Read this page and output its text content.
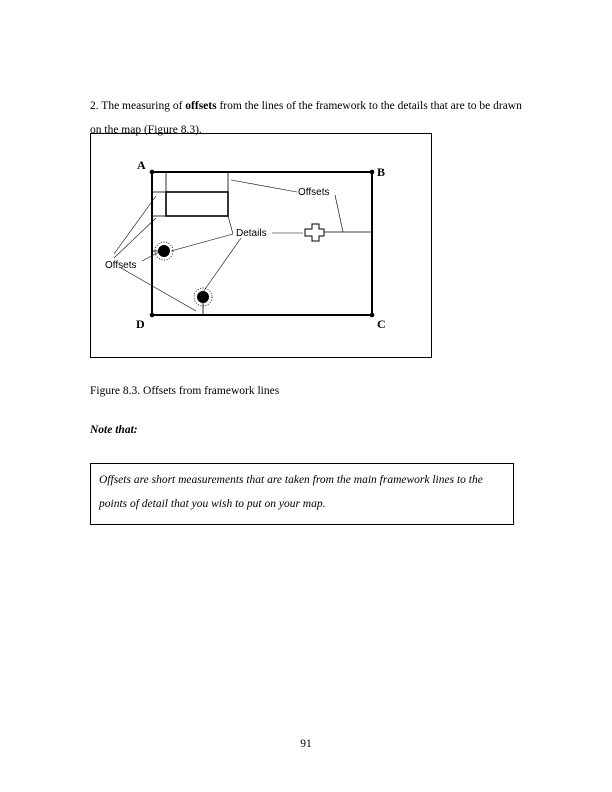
2. The measuring of offsets from the lines of the framework to the details that are to be drawn on the map (Figure 8.3).
A	B
C
D
Offsets
Details
Offsets
Figure 8.3. Offsets from framework lines
Note that:
Offsets are short measurements that are taken from the main framework lines to the points of detail that you wish to put on your map.
91
